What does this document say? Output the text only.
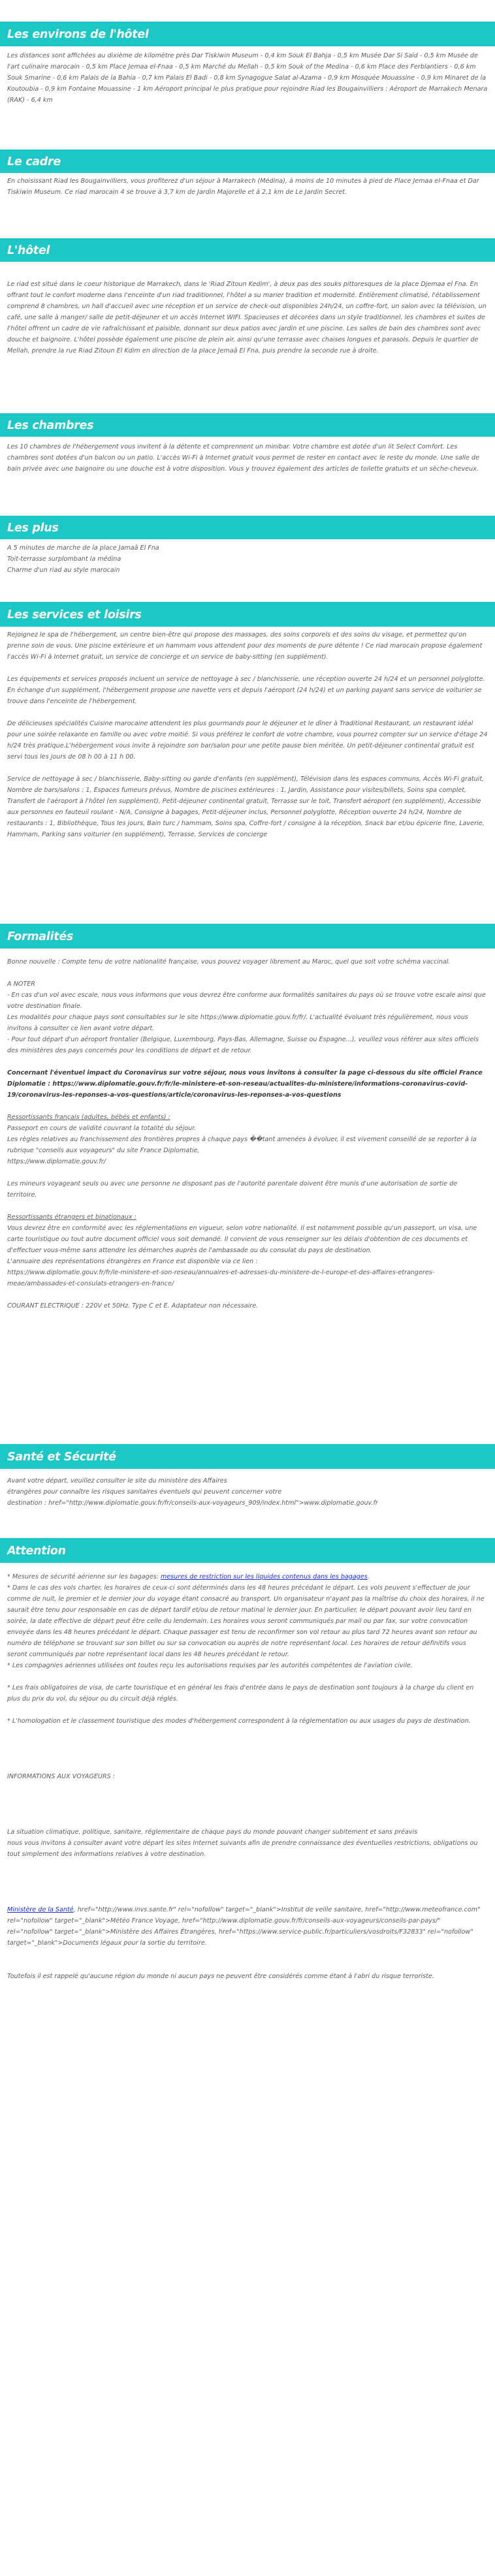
Les environs de l'hôtel

Les distances sont affichées au dixième de kilomètre près Dar Tiskiwin Museum - 0,4 km Souk El Bahja - 0,5 km Musée Dar Si Saïd - 0,5 km Musée de l'art culinaire marocain - 0,5 km Place Jemaa el-Fnaa - 0,5 km Marché du Mellah - 0,5 km Souk of the Medina - 0,6 km Place des Ferblantiers - 0,6 km Souk Smarine - 0,6 km Palais de la Bahia - 0,7 km Palais El Badi - 0,8 km Synagogue Salat al-Azama - 0,9 km Mosquée Mouassine - 0,9 km Minaret de la Koutoubia - 0,9 km Fontaine Mouassine - 1 km Aéroport principal le plus pratique pour rejoindre Riad les Bougainvilliers : Aéroport de Marrakech Menara (RAK) - 6,4 km

Le cadre

En choisissant Riad les Bougainvilliers, vous profiterez d'un séjour à Marrakech (Médina), à moins de 10 minutes à pied de Place Jemaa el-Fnaa et Dar Tiskiwin Museum. Ce riad marocain 4 se trouve à 3,7 km de Jardin Majorelle et à 2,1 km de Le Jardin Secret.

L'hôtel

Le riad est situé dans le coeur historique de Marrakech, dans le 'Riad Zitoun Kedim', à deux pas des souks pittoresques de la place Djemaa el Fna. En offrant tout le confort moderne dans l'enceinte d'un riad traditionnel, l'hôtel a su marier tradition et modernité. Entièrement climatisé, l'établissement comprend 8 chambres, un hall d'accueil avec une réception et un service de check-out disponibles 24h/24, un coffre-fort, un salon avec la télévision, un café, une salle à manger/ salle de petit-déjeuner et un accès Internet WIFI. Spacieuses et décorées dans un style traditionnel, les chambres et suites de l'hôtel offrent un cadre de vie rafraîchissant et paisible, donnant sur deux patios avec jardin et une piscine. Les salles de bain des chambres sont avec douche et baignoire. L'hôtel possède également une piscine de plein air, ainsi qu'une terrasse avec chaises longues et parasols. Depuis le quartier de Mellah, prendre la rue Riad Zitoun El Kdim en direction de la place Jemaâ El Fna, puis prendre la seconde rue à droite.

Les chambres

Les 10 chambres de l'hébergement vous invitent à la détente et comprennent un minibar. Votre chambre est dotée d'un lit Select Comfort. Les chambres sont dotées d'un balcon ou un patio. L'accès Wi-Fi à Internet gratuit vous permet de rester en contact avec le reste du monde. Une salle de bain privée avec une baignoire ou une douche est à votre disposition. Vous y trouvez également des articles de toilette gratuits et un sèche-cheveux.

Les plus

A 5 minutes de marche de la place Jamaâ El Fna

Toit-terrasse surplombant la médina

Charme d'un riad au style marocain

Les services et loisirs

Rejoignez le spa de l'hébergement, un centre bien-être qui propose des massages, des soins corporels et des soins du visage, et permettez qu'on prenne soin de vous. Une piscine extérieure et un hammam vous attendent pour des moments de pure détente ! Ce riad marocain propose également l'accès Wi-Fi à Internet gratuit, un service de concierge et un service de baby-sitting (en supplément).

Les équipements et services proposés incluent un service de nettoyage à sec / blanchisserie, une réception ouverte 24 h/24 et un personnel polyglotte. En échange d'un supplément, l'hébergement propose une navette vers et depuis l'aéroport (24 h/24) et un parking payant sans service de voiturier se trouve dans l'enceinte de l'hébergement.

De délicieuses spécialités Cuisine marocaine attendent les plus gourmands pour le déjeuner et le dîner à Traditional Restaurant, un restaurant idéal pour une soirée relaxante en famille ou avec votre moitié. Si vous préférez le confort de votre chambre, vous pourrez compter sur un service d'étage 24 h/24 très pratique.L'hébergement vous invite à rejoindre son bar/salon pour une petite pause bien méritée. Un petit-déjeuner continental gratuit est servi tous les jours de 08 h 00 à 11 h 00.

Service de nettoyage à sec / blanchisserie, Baby-sitting ou garde d'enfants (en supplément), Télévision dans les espaces communs, Accès Wi-Fi gratuit, Nombre de bars/salons : 1, Espaces fumeurs prévus, Nombre de piscines extérieures : 1, Jardin, Assistance pour visites/billets, Soins spa complet, Transfert de l'aéroport à l'hôtel (en supplément), Petit-déjeuner continental gratuit, Terrasse sur le toit, Transfert aéroport (en supplément), Accessible aux personnes en fauteuil roulant - N/A, Consigne à bagages, Petit-déjeuner inclus, Personnel polyglotte, Réception ouverte 24 h/24, Nombre de restaurants : 1, Bibliothèque, Tous les jours, Bain turc / hammam, Soins spa, Coffre-fort / consigne à la réception, Snack bar et/ou épicerie fine, Laverie, Hammam, Parking sans voiturier (en supplément), Terrasse, Services de concierge

Formalités

Bonne nouvelle : Compte tenu de votre nationalité française, vous pouvez voyager librement au Maroc, quel que soit votre schéma vaccinal.

A NOTER

- En cas d'un vol avec escale, nous vous informons que vous devrez être conforme aux formalités sanitaires du pays où se trouve votre escale ainsi que votre destination finale.

Les modalités pour chaque pays sont consultables sur le site https://www.diplomatie.gouv.fr/fr/. L'actualité évoluant très régulièrement, nous vous invitons à consulter ce lien avant votre départ.

- Pour tout départ d'un aéroport frontalier (Belgique, Luxembourg, Pays-Bas, Allemagne, Suisse ou Espagne...), veuillez vous référer aux sites officiels des ministères des pays concernés pour les conditions de départ et de retour.

Concernant l'éventuel impact du Coronavirus sur votre séjour, nous vous invitons à consulter la page ci-dessous du site officiel France Diplomatie : https://www.diplomatie.gouv.fr/fr/le-ministere-et-son-reseau/actualites-du-ministere/informations-coronavirus-covid-19/coronavirus-les-reponses-a-vos-questions/article/coronavirus-les-reponses-a-vos-questions

Ressortissants français (adultes, bébés et enfants) :

Passeport en cours de validité couvrant la totalité du séjour.

Les règles relatives au franchissement des frontières propres à chaque pays ��tant amenées à évoluer, il est vivement conseillé de se reporter à la rubrique "conseils aux voyageurs" du site France Diplomatie,

https://www.diplomatie.gouv.fr/

Les mineurs voyageant seuls ou avec une personne ne disposant pas de l'autorité parentale doivent être munis d'une autorisation de sortie de territoire.

Ressortissants étrangers et binationaux :

Vous devrez être en conformité avec les réglementations en vigueur, selon votre nationalité. Il est notamment possible qu'un passeport, un visa, une carte touristique ou tout autre document officiel vous soit demandé. Il convient de vous renseigner sur les délais d'obtention de ces documents et d'effectuer vous-même sans attendre les démarches auprès de l'ambassade ou du consulat du pays de destination.

L'annuaire des représentations étrangères en France est disponible via ce lien :

https://www.diplomatie.gouv.fr/fr/le-ministere-et-son-reseau/annuaires-et-adresses-du-ministere-de-l-europe-et-des-affaires-etrangeres-meae/ambassades-et-consulats-etrangers-en-france/

COURANT ELECTRIQUE : 220V et 50Hz. Type C et E. Adaptateur non nécessaire.

Santé et Sécurité

Avant votre départ, veuillez consulter le site du ministère des Affaires

étrangères pour connaître les risques sanitaires éventuels qui peuvent concerner votre

destination : href="http://www.diplomatie.gouv.fr/fr/conseils-aux-voyageurs_909/index.html">www.diplomatie.gouv.fr

Attention

* Mesures de sécurité aérienne sur les bagages: mesures de restriction sur les liquides contenus dans les bagages.

* Dans le cas des vols charter, les horaires de ceux-ci sont déterminés dans les 48 heures précédant le départ. Les vols peuvent s'effectuer de jour comme de nuit, le premier et le dernier jour du voyage étant consacré au transport. Un organisateur n'ayant pas la maîtrise du choix des horaires, il ne saurait être tenu pour responsable en cas de départ tardif et/ou de retour matinal le dernier jour. En particulier, le départ pouvant avoir lieu tard en soirée, la date effective de départ peut être celle du lendemain. Les horaires vous seront communiqués par mail ou par fax, sur votre convocation envoyée dans les 48 heures précédant le départ. Chaque passager est tenu de reconfirmer son vol retour au plus tard 72 heures avant son retour au numéro de téléphone se trouvant sur son billet ou sur sa convocation ou auprès de notre représentant local. Les horaires de retour définitifs vous seront communiqués par notre représentant local dans les 48 heures précédant le retour.

* Les compagnies aériennes utilisées ont toutes reçu les autorisations requises par les autorités compétentes de l'aviation civile.

* Les frais obligatoires de visa, de carte touristique et en général les frais d'entrée dans le pays de destination sont toujours à la charge du client en plus du prix du vol, du séjour ou du circuit déjà réglés.

* L'homologation et le classement touristique des modes d'hébergement correspondent à la réglementation ou aux usages du pays de destination.

INFORMATIONS AUX VOYAGEURS :

La situation climatique, politique, sanitaire, réglementaire de chaque pays du monde pouvant changer subitement et sans préavis

nous vous invitons à consulter avant votre départ les sites Internet suivants afin de prendre connaissance des éventuelles restrictions, obligations ou tout simplement des informations relatives à votre destination.

Ministère de la Santé, href="http://www.invs.sante.fr" rel="nofollow" target="_blank">Institut de veille sanitaire, href="http://www.meteofrance.com" rel="nofollow" target="_blank">Météo France Voyage, href="http://www.diplomatie.gouv.fr/fr/conseils-aux-voyageurs/conseils-par-pays/" rel="nofollow" target="_blank">Ministère des Affaires Étrangères, href="https://www.service-public.fr/particuliers/vosdroits/F32833" rel="nofollow" target="_blank">Documents légaux pour la sortie du territoire.

Toutefois il est rappelé qu'aucune région du monde ni aucun pays ne peuvent être considérés comme étant à l'abri du risque terroriste.
